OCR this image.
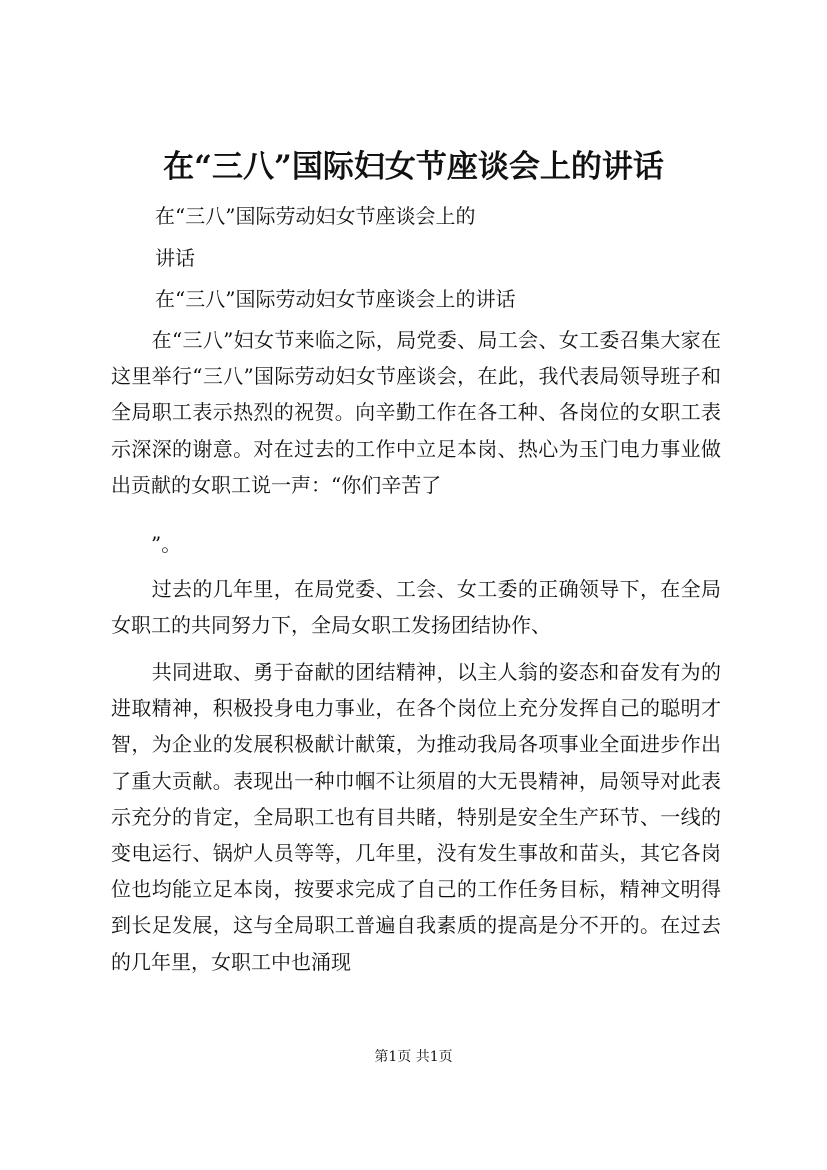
在“三八”国际妇女节座谈会上的讲话
在“三八”国际劳动妇女节座谈会上的
讲话
在“三八”国际劳动妇女节座谈会上的讲话
　　在“三八”妇女节来临之际，局党委、局工会、女工委召集大家在这里举行“三八”国际劳动妇女节座谈会，在此，我代表局领导班子和全局职工表示热烈的祝贺。向辛勤工作在各工种、各岗位的女职工表示深深的谢意。对在过去的工作中立足本岗、热心为玉门电力事业做出贡献的女职工说一声：“你们辛苦了
　　”。
　　过去的几年里，在局党委、工会、女工委的正确领导下，在全局女职工的共同努力下，全局女职工发扬团结协作、
　　共同进取、勇于奋献的团结精神，以主人翁的姿态和奋发有为的进取精神，积极投身电力事业，在各个岗位上充分发挥自己的聪明才智，为企业的发展积极献计献策，为推动我局各项事业全面进步作出了重大贡献。表现出一种巾帼不让须眉的大无畏精神，局领导对此表示充分的肯定，全局职工也有目共睹，特别是安全生产环节、一线的变电运行、锅炉人员等等，几年里，没有发生事故和苗头，其它各岗位也均能立足本岗，按要求完成了自己的工作任务目标，精神文明得到长足发展，这与全局职工普遍自我素质的提高是分不开的。在过去的几年里，女职工中也涌现
第1页 共1页
